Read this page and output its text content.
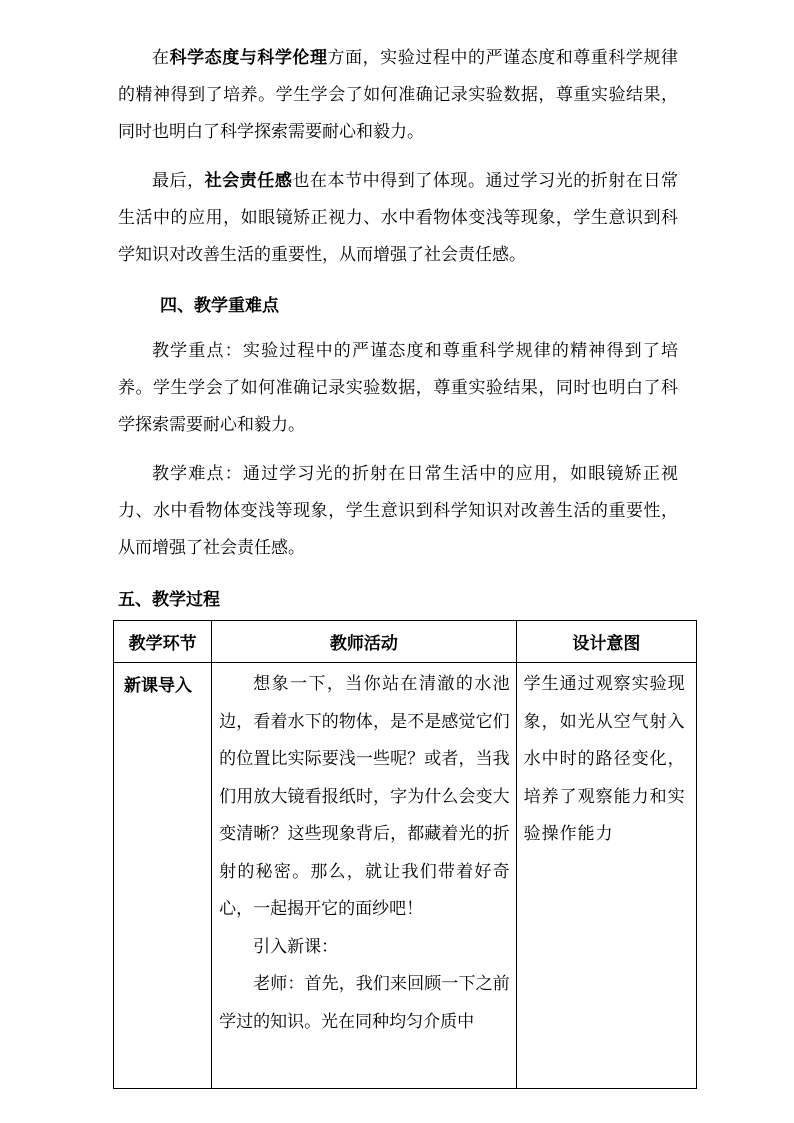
在科学态度与科学伦理方面，实验过程中的严谨态度和尊重科学规律的精神得到了培养。学生学会了如何准确记录实验数据，尊重实验结果，同时也明白了科学探索需要耐心和毅力。

最后，社会责任感也在本节中得到了体现。通过学习光的折射在日常生活中的应用，如眼镜矫正视力、水中看物体变浅等现象，学生意识到科学知识对改善生活的重要性，从而增强了社会责任感。

四、教学重难点

教学重点：实验过程中的严谨态度和尊重科学规律的精神得到了培养。学生学会了如何准确记录实验数据，尊重实验结果，同时也明白了科学探索需要耐心和毅力。

教学难点：通过学习光的折射在日常生活中的应用，如眼镜矫正视力、水中看物体变浅等现象，学生意识到科学知识对改善生活的重要性，从而增强了社会责任感。

五、教学过程
教学环节	教师活动	设计意图
新课导入	想象一下，当你站在清澈的水池边，看着水下的物体，是不是感觉它们的位置比实际要浅一些呢？或者，当我们用放大镜看报纸时，字为什么会变大变清晰？这些现象背后，都藏着光的折射的秘密。那么，就让我们带着好奇心，一起揭开它的面纱吧！

引入新课：

老师：首先，我们来回顾一下之前学过的知识。光在同种均匀介质中	学生通过观察实验现象，如光从空气射入水中时的路径变化，培养了观察能力和实验操作能力
